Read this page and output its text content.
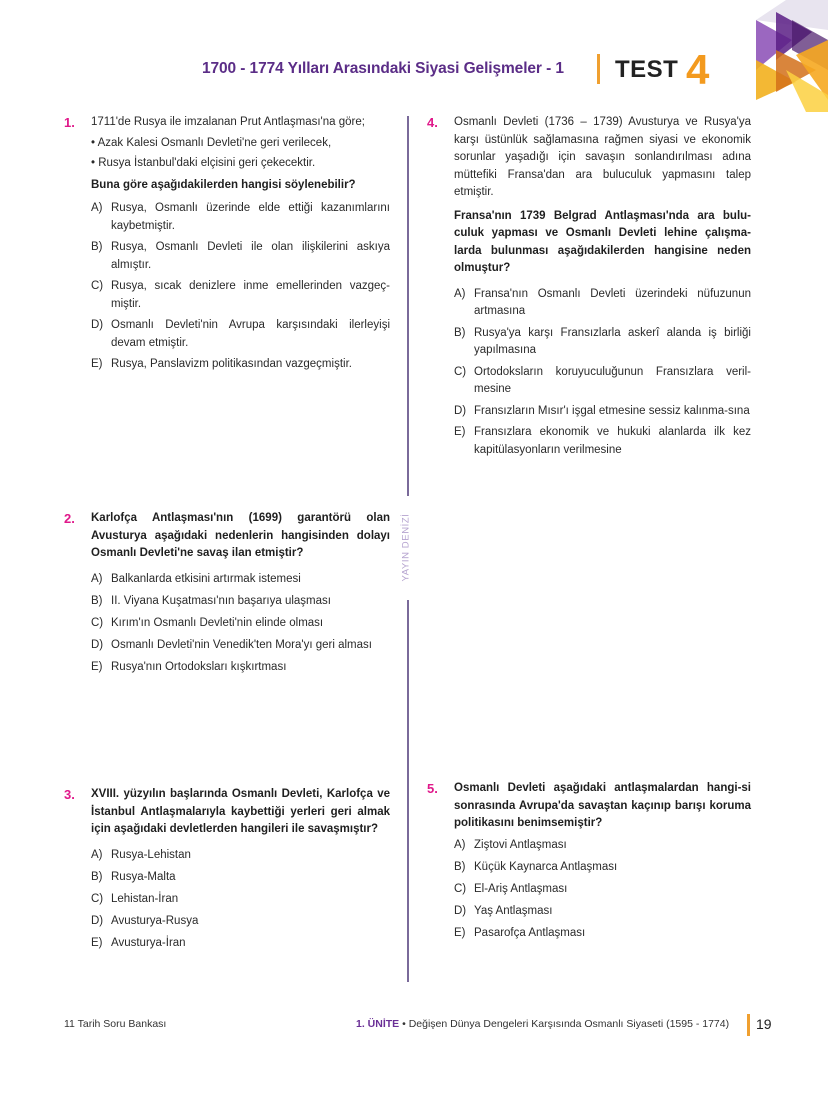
1700 - 1774 Yılları Arasındaki Siyasi Gelişmeler - 1 TEST 4
YAYIN DENİZİ
1. 1711'de Rusya ile imzalanan Prut Antlaşması'na göre;
• Azak Kalesi Osmanlı Devleti'ne geri verilecek,
• Rusya İstanbul'daki elçisini geri çekecektir.
Buna göre aşağıdakilerden hangisi söylenebilir?
A) Rusya, Osmanlı üzerinde elde ettiği kazanımlarını kaybetmiştir.
B) Rusya, Osmanlı Devleti ile olan ilişkilerini askıya almıştır.
C) Rusya, sıcak denizlere inme emellerinden vazgeç-miştir.
D) Osmanlı Devleti'nin Avrupa karşısındaki ilerleyişi devam etmiştir.
E) Rusya, Panslavizm politikasından vazgeçmiştir.
2. Karlofça Antlaşması'nın (1699) garantörü olan Avusturya aşağıdaki nedenlerin hangisinden dolayı Osmanlı Devleti'ne savaş ilan etmiştir?
A) Balkanlarda etkisini artırmak istemesi
B) II. Viyana Kuşatması'nın başarıya ulaşması
C) Kırım'ın Osmanlı Devleti'nin elinde olması
D) Osmanlı Devleti'nin Venedik'ten Mora'yı geri alması
E) Rusya'nın Ortodoksları kışkırtması
3. XVIII. yüzyılın başlarında Osmanlı Devleti, Karlofça ve İstanbul Antlaşmalarıyla kaybettiği yerleri geri almak için aşağıdaki devletlerden hangileri ile savaşmıştır?
A) Rusya-Lehistan
B) Rusya-Malta
C) Lehistan-İran
D) Avusturya-Rusya
E) Avusturya-İran
4. Osmanlı Devleti (1736 – 1739) Avusturya ve Rusya'ya karşı üstünlük sağlamasına rağmen siyasi ve ekonomik sorunlar yaşadığı için savaşın sonlandırılması adına müttefiki Fransa'dan ara buluculuk yapmasını talep etmiştir.
Fransa'nın 1739 Belgrad Antlaşması'nda ara bulu-culuk yapması ve Osmanlı Devleti lehine çalışma-larda bulunması aşağıdakilerden hangisine neden olmuştur?
A) Fransa'nın Osmanlı Devleti üzerindeki nüfuzunun artmasına
B) Rusya'ya karşı Fransızlarla askerî alanda iş birliği yapılmasına
C) Ortodoksların koruyuculuğunun Fransızlara veril-mesine
D) Fransızların Mısır'ı işgal etmesine sessiz kalınma-sına
E) Fransızlara ekonomik ve hukuki alanlarda ilk kez kapitülasyonların verilmesine
5. Osmanlı Devleti aşağıdaki antlaşmalardan hangi-si sonrasında Avrupa'da savaştan kaçınıp barışı koruma politikasını benimsemiştir?
A) Ziştovi Antlaşması
B) Küçük Kaynarca Antlaşması
C) El-Ariş Antlaşması
D) Yaş Antlaşması
E) Pasarofça Antlaşması
11 Tarih Soru Bankası	1. ÜNİTE • Değişen Dünya Dengeleri Karşısında Osmanlı Siyaseti (1595 - 1774) 19
